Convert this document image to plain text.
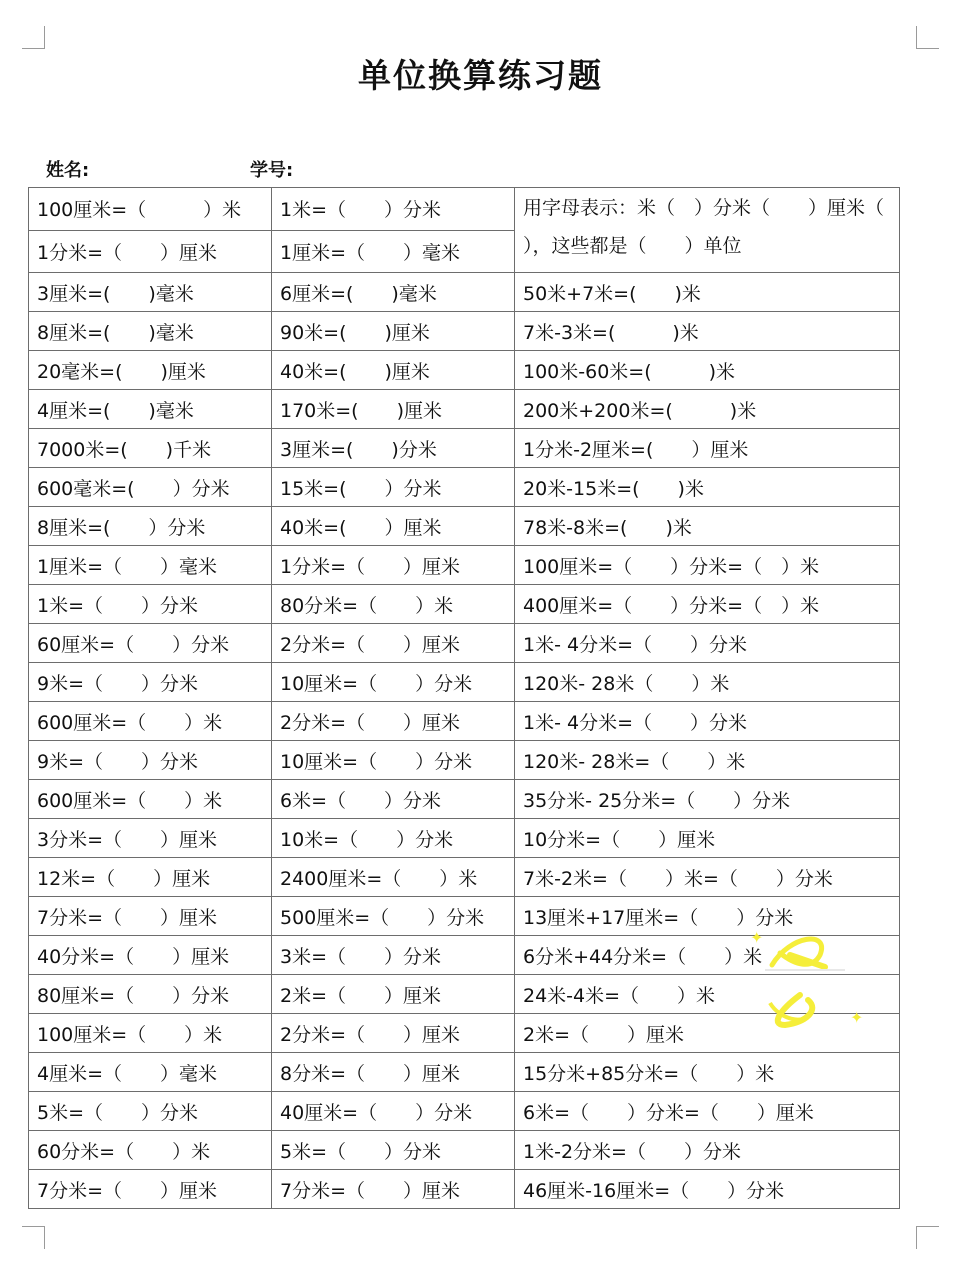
单位换算练习题
姓名:	学号:
100厘米=（　　　）米	1米=（　　）分米	用字母表示：米（　）分米（　　）厘米（
），这些都是（　　）单位

1分米=（　　）厘米	1厘米=（　　）毫米	
3厘米=(　　)毫米	6厘米=(　　)毫米	50米+7米=(　　)米
8厘米=(　　)毫米	90米=(　　)厘米	7米-3米=(　　　)米
20毫米=(　　)厘米	40米=(　　)厘米	100米-60米=(　　　)米
4厘米=(　　)毫米	170米=(　　)厘米	200米+200米=(　　　)米
7000米=(　　)千米	3厘米=(　　)分米	1分米-2厘米=(　　）厘米
600毫米=(　　）分米	15米=(　　）分米	20米-15米=(　　)米
8厘米=(　　）分米	40米=(　　）厘米	78米-8米=(　　)米
1厘米=（　　）毫米	1分米=（　　）厘米	100厘米=（　　）分米=（　）米
1米=（　　）分米	80分米=（　　）米	400厘米=（　　）分米=（　）米
60厘米=（　　）分米	2分米=（　　）厘米	1米- 4分米=（　　）分米
9米=（　　）分米	10厘米=（　　）分米	120米- 28米（　　）米
600厘米=（　　）米	2分米=（　　）厘米	1米- 4分米=（　　）分米
9米=（　　）分米	10厘米=（　　）分米	120米- 28米=（　　）米
600厘米=（　　）米	6米=（　　）分米	35分米- 25分米=（　　）分米
3分米=（　　）厘米	10米=（　　）分米	10分米=（　　）厘米
12米=（　　）厘米	2400厘米=（　　）米	7米-2米=（　　）米=（　　）分米
7分米=（　　）厘米	500厘米=（　　）分米	13厘米+17厘米=（　　）分米
40分米=（　　）厘米	3米=（　　）分米	6分米+44分米=（　　）米
80厘米=（　　）分米	2米=（　　）厘米	24米-4米=（　　）米
100厘米=（　　）米	2分米=（　　）厘米	2米=（　　）厘米
4厘米=（　　）毫米	8分米=（　　）厘米	15分米+85分米=（　　）米
5米=（　　）分米	40厘米=（　　）分米	6米=（　　）分米=（　　）厘米
60分米=（　　）米	5米=（　　）分米	1米-2分米=（　　）分米
7分米=（　　）厘米	7分米=（　　）厘米	46厘米-16厘米=（　　）分米
✦
✦
